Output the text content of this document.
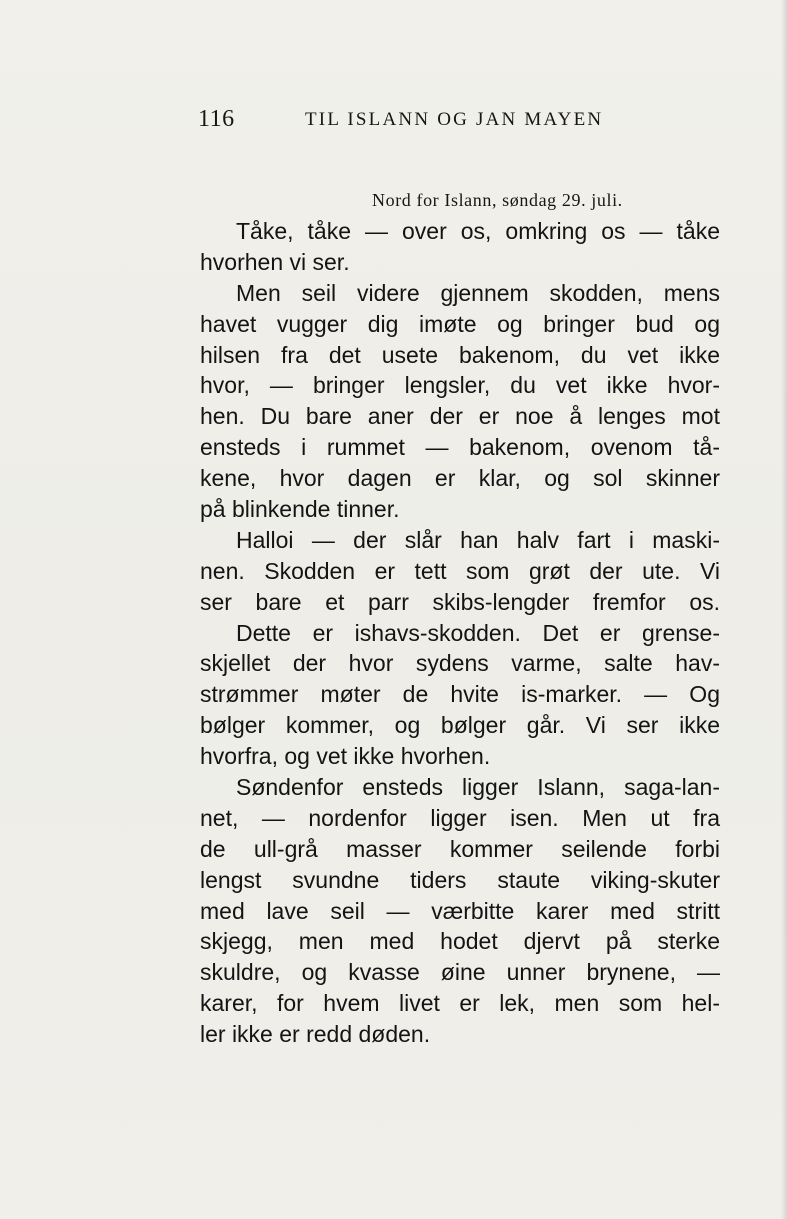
116	TIL ISLANN OG JAN MAYEN
Nord for Islann, søndag 29. juli.
Tåke, tåke — over os, omkring os — tåke
hvorhen vi ser.
Men seil videre gjennem skodden, mens
havet vugger dig imøte og bringer bud og
hilsen fra det usete bakenom, du vet ikke
hvor, — bringer lengsler, du vet ikke hvor-
hen. Du bare aner der er noe å lenges mot
ensteds i rummet — bakenom, ovenom tå-
kene, hvor dagen er klar, og sol skinner
på blinkende tinner.
Halloi — der slår han halv fart i maski-
nen. Skodden er tett som grøt der ute. Vi
ser bare et parr skibs-lengder fremfor os.
Dette er ishavs-skodden. Det er grense-
skjellet der hvor sydens varme, salte hav-
strømmer møter de hvite is-marker. — Og
bølger kommer, og bølger går. Vi ser ikke
hvorfra, og vet ikke hvorhen.
Søndenfor ensteds ligger Islann, saga-lan-
net, — nordenfor ligger isen. Men ut fra
de ull-grå masser kommer seilende forbi
lengst svundne tiders staute viking-skuter
med lave seil — værbitte karer med stritt
skjegg, men med hodet djervt på sterke
skuldre, og kvasse øine unner brynene, —
karer, for hvem livet er lek, men som hel-
ler ikke er redd døden.
